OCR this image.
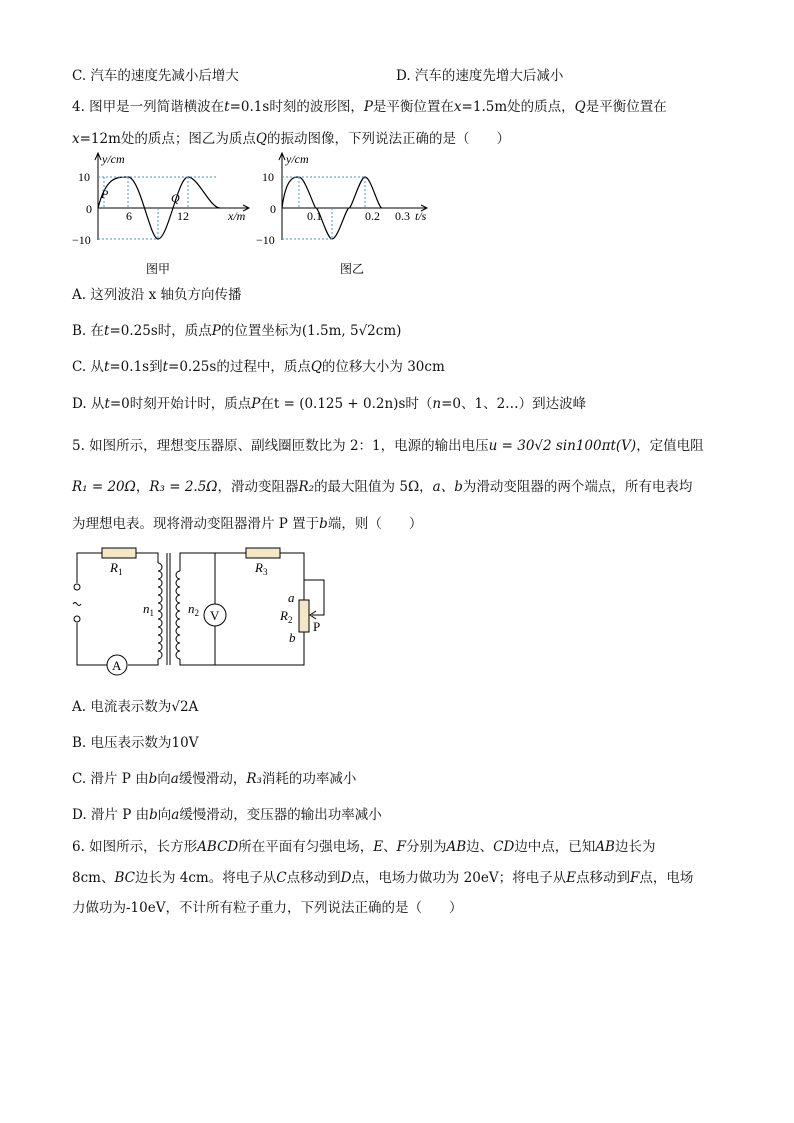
C. 汽车的速度先减小后增大	D. 汽车的速度先增大后减小
4. 图甲是一列简谐横波在t=0.1s时刻的波形图，P是平衡位置在x=1.5m处的质点，Q是平衡位置在
x=12m处的质点；图乙为质点Q的振动图像，下列说法正确的是（　　）
y/cm
10
0
−10
6	12	x/m
P	Q
图甲
y/cm
10
0
−10
0.1	0.2 0.3 t/s
图乙
A. 这列波沿 x 轴负方向传播
B. 在t=0.25s时，质点P的位置坐标为(1.5m, 5√2cm)
C. 从t=0.1s到t=0.25s的过程中，质点Q的位移大小为 30cm
D. 从t=0时刻开始计时，质点P在t = (0.125 + 0.2n)s时（n=0、1、2…）到达波峰
5. 如图所示，理想变压器原、副线圈匝数比为 2：1，电源的输出电压u = 30√2 sin100πt(V)，定值电阻
R₁ = 20Ω，R₃ = 2.5Ω，滑动变阻器R₂的最大阻值为 5Ω，a、b为滑动变阻器的两个端点，所有电表均
为理想电表。现将滑动变阻器滑片 P 置于b端，则（　　）
$R_1$	$R_3$
$n_1$	$n_2$ V
A
a
$R_2$
b
P
A. 电流表示数为√2A
B. 电压表示数为10V
C. 滑片 P 由b向a缓慢滑动，R₃消耗的功率减小
D. 滑片 P 由b向a缓慢滑动，变压器的输出功率减小
6. 如图所示，长方形ABCD所在平面有匀强电场，E、F分别为AB边、CD边中点，已知AB边长为
8cm、BC边长为 4cm。将电子从C点移动到D点，电场力做功为 20eV；将电子从E点移动到F点，电场
力做功为-10eV，不计所有粒子重力，下列说法正确的是（　　）
